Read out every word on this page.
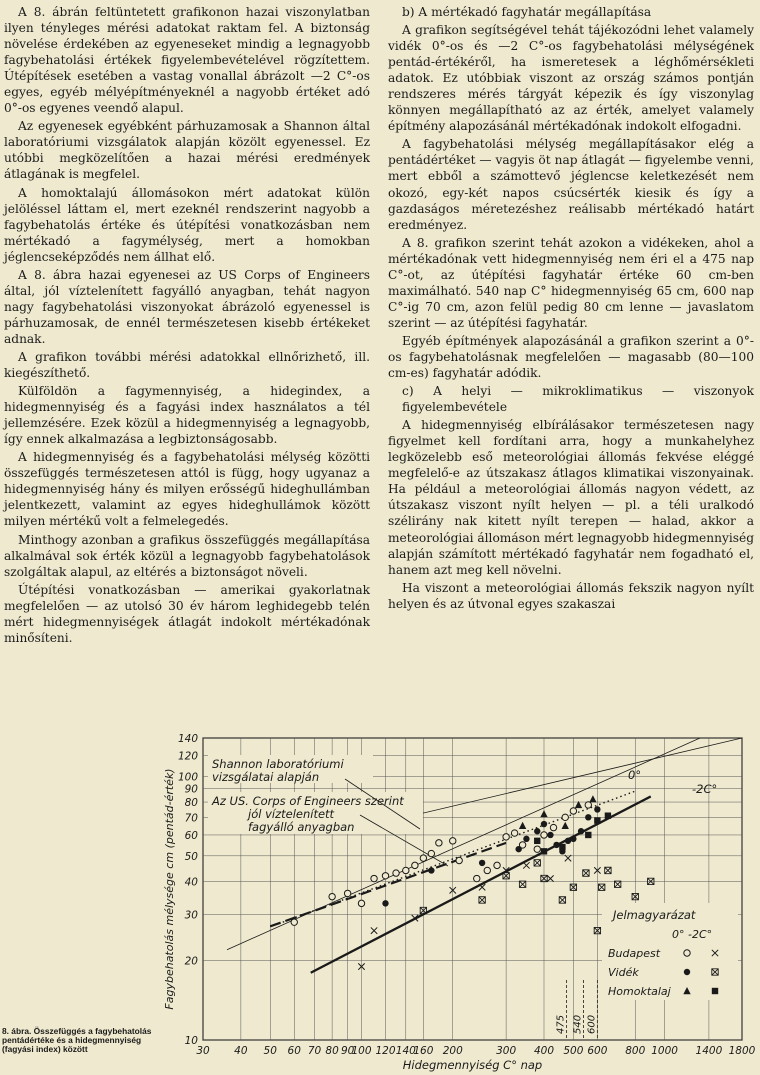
A 8. ábrán feltüntetett grafikonon hazai viszonylatban ilyen tényleges mérési adatokat raktam fel. A biztonság növelése érdekében az egyeneseket mindig a legnagyobb fagybehatolási értékek figyelembevételével rögzítettem. Útépítések esetében a vastag vonallal ábrázolt —2 C°-os egyes, egyéb mélyépítményeknél a nagyobb értéket adó 0°-os egyenes veendő alapul.

Az egyenesek egyébként párhuzamosak a Shannon által laboratóriumi vizsgálatok alapján közölt egyenessel. Ez utóbbi megközelítően a hazai mérési eredmények átlagának is megfelel.

A homoktalajú állomásokon mért adatokat külön jelöléssel láttam el, mert ezeknél rendszerint nagyobb a fagybehatolás értéke és útépítési vonatkozásban nem mértékadó a fagymélység, mert a homokban jéglencseképződés nem állhat elő.

A 8. ábra hazai egyenesei az US Corps of Engineers által, jól víztelenített fagyálló anyagban, tehát nagyon nagy fagybehatolási viszonyokat ábrázoló egyenessel is párhuzamosak, de ennél természetesen kisebb értékeket adnak.

A grafikon további mérési adatokkal ellnőrizhető, ill. kiegészíthető.

Külföldön a fagymennyiség, a hidegindex, a hidegmennyiség és a fagyási index használatos a tél jellemzésére. Ezek közül a hidegmennyiség a legnagyobb, így ennek alkalmazása a legbiztonságosabb.

A hidegmennyiség és a fagybehatolási mélység közötti összefüggés természetesen attól is függ, hogy ugyanaz a hidegmennyiség hány és milyen erősségű hideghullámban jelentkezett, valamint az egyes hideghullámok között milyen mértékű volt a felmelegedés.

Minthogy azonban a grafikus összefüggés megállapítása alkalmával sok érték közül a legnagyobb fagybehatolások szolgáltak alapul, az eltérés a biztonságot növeli.

Útépítési vonatkozásban — amerikai gyakorlatnak megfelelően — az utolsó 30 év három leghidegebb telén mért hidegmennyiségek átlagát indokolt mértékadónak minősíteni.

b) A mértékadó fagyhatár megállapítása

A grafikon segítségével tehát tájékozódni lehet valamely vidék 0°-os és —2 C°-os fagybehatolási mélységének pentád-értékéről, ha ismeretesek a léghőmérsékleti adatok. Ez utóbbiak viszont az ország számos pontján rendszeres mérés tárgyát képezik és így viszonylag könnyen megállapítható az az érték, amelyet valamely építmény alapozásánál mértékadónak indokolt elfogadni.

A fagybehatolási mélység megállapításakor elég a pentádértéket — vagyis öt nap átlagát — figyelembe venni, mert ebből a számottevő jéglencse keletkezését nem okozó, egy-két napos csúcsérték kiesik és így a gazdaságos méretezéshez reálisabb mértékadó határt eredményez.

A 8. grafikon szerint tehát azokon a vidékeken, ahol a mértékadónak vett hidegmennyiség nem éri el a 475 nap C°-ot, az útépítési fagyhatár értéke 60 cm-ben maximálható. 540 nap C° hidegmennyiség 65 cm, 600 nap C°-ig 70 cm, azon felül pedig 80 cm lenne — javaslatom szerint — az útépítési fagyhatár.

Egyéb építmények alapozásánál a grafikon szerint a 0°-os fagybehatolásnak megfelelően — magasabb (80—100 cm-es) fagyhatár adódik.

c) A helyi — mikroklimatikus — viszonyok figyelembevétele

A hidegmennyiség elbírálásakor természetesen nagy figyelmet kell fordítani arra, hogy a munkahelyhez legközelebb eső meteorológiai állomás fekvése eléggé megfelelő-e az útszakasz átlagos klimatikai viszonyainak. Ha például a meteorológiai állomás nagyon védett, az útszakasz viszont nyílt helyen — pl. a téli uralkodó szélirány nak kitett nyílt terepen — halad, akkor a meteorológiai állomáson mért legnagyobb hidegmennyiség alapján számított mértékadó fagyhatár nem fogadható el, hanem azt meg kell növelni.

Ha viszont a meteorológiai állomás fekszik nagyon nyílt helyen és az útvonal egyes szakaszai

30 40 50 60 70 80 90
100 120 140
160 200	300 400 500 600 800 1000 1400 1800
10
20
30
40
50
60
70
80
90
100
120
140
Hidegmennyiség C° nap
Fagybehatolás mélysége cm (pentád-érték)
475 540 600
Shannon laboratóriumi
vizsgálatai alapján
Az US. Corps of Engineers szerint
jól víztelenített
fagyálló anyagban
0°
-2C°
Jelmagyarázat
0° -2C°
Budapest
Vidék
Homoktalaj
8. ábra. Összefüggés a fagybehatolás pentádértéke és a hidegmennyiség (fagyási index) között
